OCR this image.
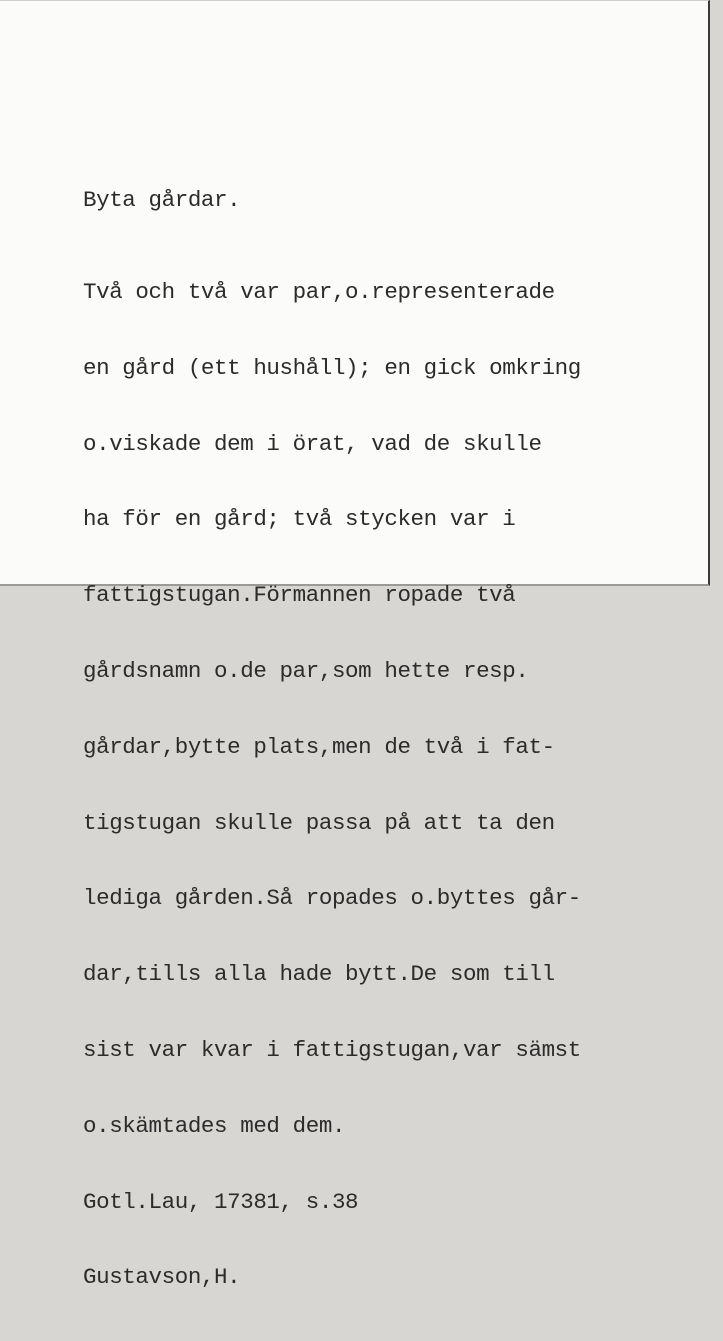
Byta gårdar.

Två och två var par,o.representerade

en gård (ett hushåll); en gick omkring

o.viskade dem i örat, vad de skulle

ha för en gård; två stycken var i

fattigstugan.Förmannen ropade två

gårdsnamn o.de par,som hette resp.

gårdar,bytte plats,men de två i fat-

tigstugan skulle passa på att ta den

lediga gården.Så ropades o.byttes går-

dar,tills alla hade bytt.De som till

sist var kvar i fattigstugan,var sämst

o.skämtades med dem.

Gotl.Lau, 17381, s.38

Gustavson,H.
